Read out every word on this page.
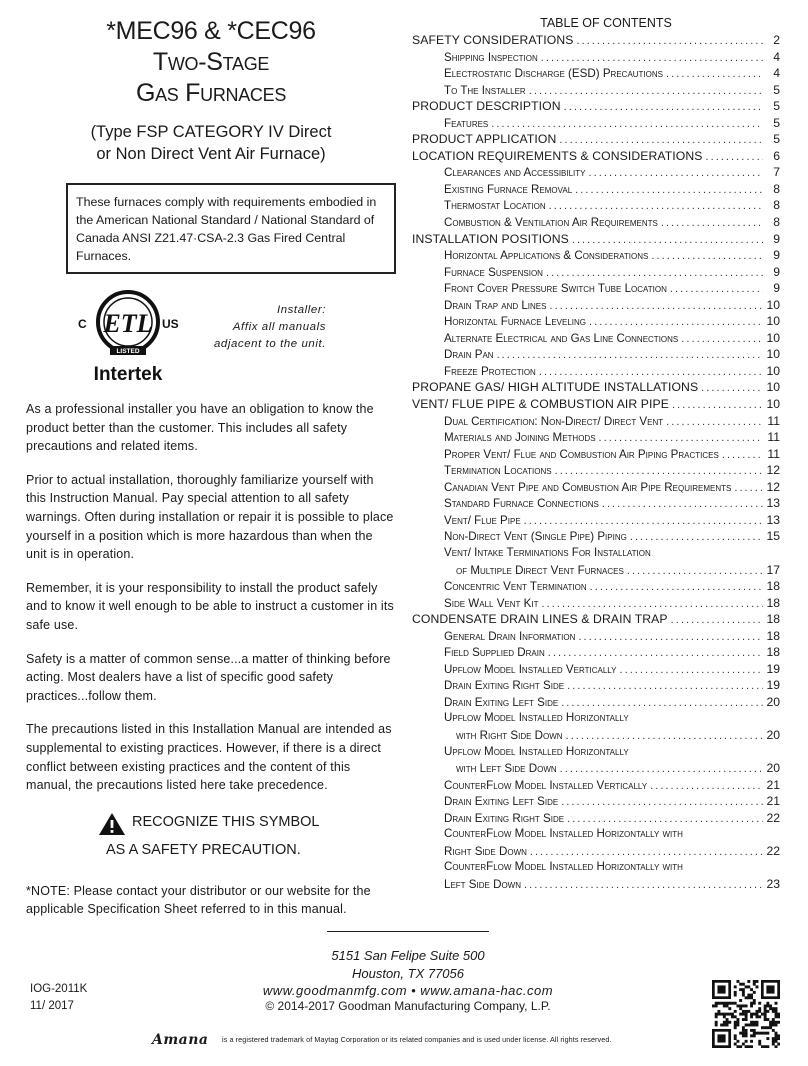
*MEC96 & *CEC96
Two-Stage
Gas Furnaces
(Type FSP CATEGORY IV Direct
or Non Direct Vent Air Furnace)
These furnaces comply with requirements embodied in the American National Standard / National Standard of Canada ANSI Z21.47·CSA-2.3 Gas Fired Central Furnaces.
ETL
C	US
LISTED
Intertek
Installer:
Affix all manuals
adjacent to the unit.

As a professional installer you have an obligation to know the product better than the customer. This includes all safety precautions and related items.

Prior to actual installation, thoroughly familiarize yourself with this Instruction Manual. Pay special attention to all safety warnings. Often during installation or repair it is possible to place yourself in a position which is more hazardous than when the unit is in operation.

Remember, it is your responsibility to install the product safely and to know it well enough to be able to instruct a customer in its safe use.

Safety is a matter of common sense...a matter of thinking before acting. Most dealers have a list of specific good safety practices...follow them.

The precautions listed in this Installation Manual are intended as supplemental to existing practices. However, if there is a direct conflict between existing practices and the content of this manual, the precautions listed here take precedence.

RECOGNIZE THIS SYMBOL
AS A SAFETY PRECAUTION.
*NOTE: Please contact your distributor or our website for the applicable Specification Sheet referred to in this manual.
TABLE OF CONTENTS
SAFETY CONSIDERATIONS . . .	2
Shipping Inspection . . .	4
Electrostatic Discharge (ESD) Precautions . . .	4
To The Installer . . .	5
PRODUCT DESCRIPTION . . .	5
Features . . .	5
PRODUCT APPLICATION . . .	5
LOCATION REQUIREMENTS & CONSIDERATIONS . . .	6
Clearances and Accessibility . . .	7
Existing Furnace Removal . . .	8
Thermostat Location . . .	8
Combustion & Ventilation Air Requirements . . .	8
INSTALLATION POSITIONS . . .	9
Horizontal Applications & Considerations . . .	9
Furnace Suspension . . .	9
Front Cover Pressure Switch Tube Location . . .	9
Drain Trap and Lines . . .	10
Horizontal Furnace Leveling . . .	10
Alternate Electrical and Gas Line Connections . . .	10
Drain Pan . . .	10
Freeze Protection . . .	10
PROPANE GAS/ HIGH ALTITUDE INSTALLATIONS . . .	10
VENT/ FLUE PIPE & COMBUSTION AIR PIPE . . .	10
Dual Certification: Non-Direct/ Direct Vent . . .	11
Materials and Joining Methods . . .	11
Proper Vent/ Flue and Combustion Air Piping Practices . . .	11
Termination Locations . . .	12
Canadian Vent Pipe and Combustion Air Pipe Requirements . . .	12
Standard Furnace Connections . . .	13
Vent/ Flue Pipe . . .	13
Non-Direct Vent (Single Pipe) Piping . . .	15
Vent/ Intake Terminations For Installation
of Multiple Direct Vent Furnaces . . .	17
Concentric Vent Termination . . .	18
Side Wall Vent Kit . . .	18
CONDENSATE DRAIN LINES & DRAIN TRAP . . .	18
General Drain Information . . .	18
Field Supplied Drain . . .	18
Upflow Model Installed Vertically . . .	19
Drain Exiting Right Side . . .	19
Drain Exiting Left Side . . .	20
Upflow Model Installed Horizontally
with Right Side Down . . .	20
Upflow Model Installed Horizontally
with Left Side Down . . .	20
CounterFlow Model Installed Vertically . . .	21
Drain Exiting Left Side . . .	21
Drain Exiting Right Side . . .	22
CounterFlow Model Installed Horizontally with
Right Side Down . . .	22
CounterFlow Model Installed Horizontally with
Left Side Down . . .	23
5151 San Felipe Suite 500
Houston, TX 77056
www.goodmanmfg.com • www.amana-hac.com
© 2014-2017 Goodman Manufacturing Company, L.P.
IOG-2011K
11/ 2017
Amana is a registered trademark of Maytag Corporation or its related companies and is used under license. All rights reserved.
